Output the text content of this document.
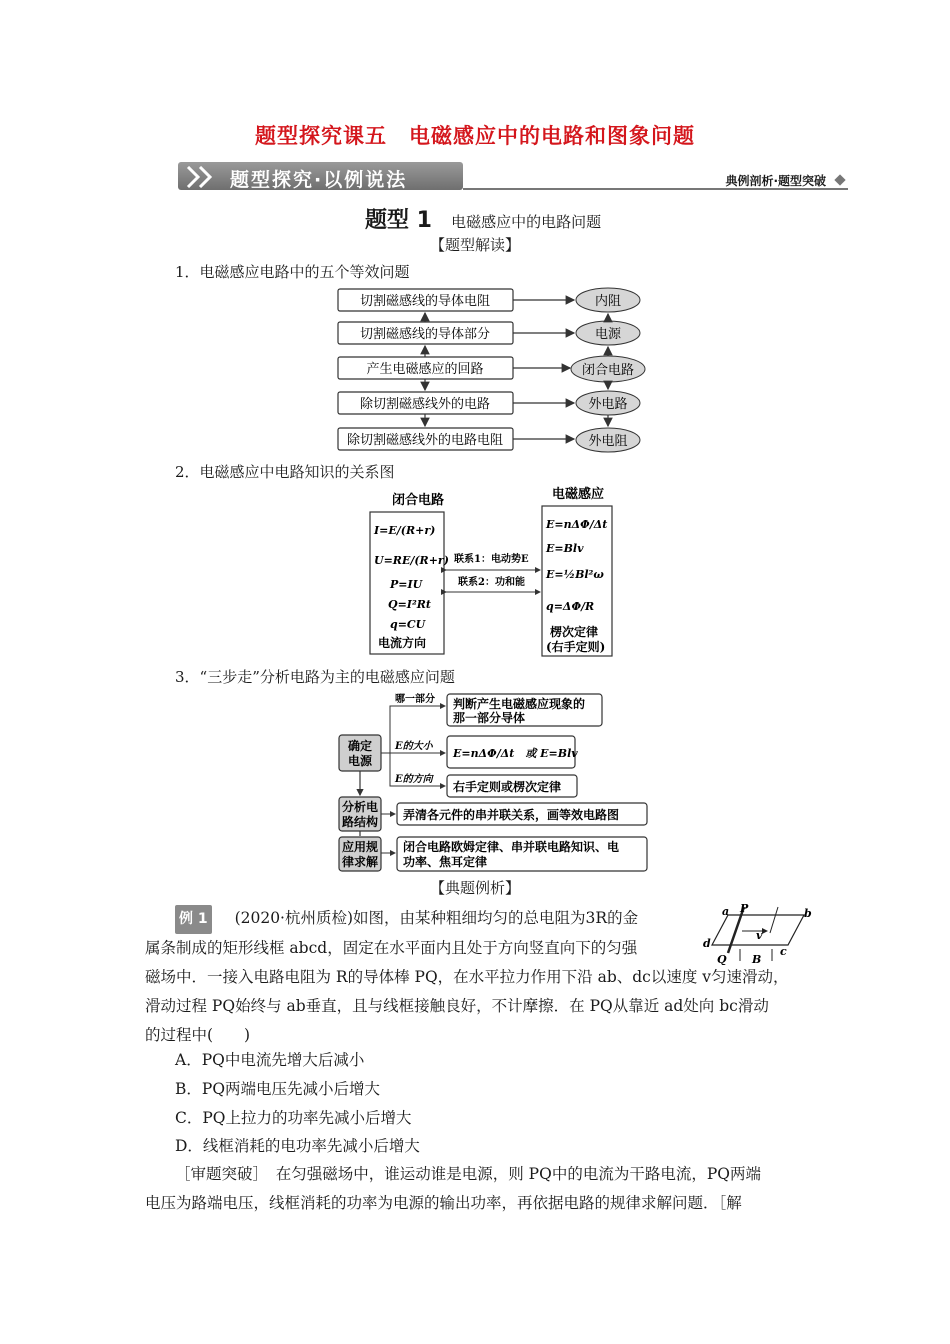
题型探究课五　电磁感应中的电路和图象问题
题型探究·以例说法	典例剖析·题型突破
题型 1 电磁感应中的电路问题
【题型解读】
1．电磁感应电路中的五个等效问题
切割磁感线的导体电阻	内阻
切割磁感线的导体部分	电源
产生电磁感应的回路	闭合电路
除切割磁感线外的电路	外电路
除切割磁感线外的电路电阻	外电阻
2．电磁感应中电路知识的关系图
闭合电路	电磁感应
I=E/(R+r)
U=RE/(R+r)
P=IU
Q=I²Rt
q=CU
电流方向
E=nΔΦ/Δt
E=Blv
E=½Bl²ω
q=ΔΦ/R
楞次定律
(右手定则)
联系1：电动势E
联系2：功和能
3．“三步走”分析电路为主的电磁感应问题
确定
电源
分析电
路结构
应用规
律求解
哪一部分
E的大小
E的方向
判断产生电磁感应现象的
那一部分导体
E=nΔΦ/Δt　或 E=Blv
右手定则或楞次定律
弄清各元件的串并联关系，画等效电路图
闭合电路欧姆定律、串并联电路知识、电
功率、焦耳定律
【典题例析】
例 1 (2020·杭州质检)如图，由某种粗细均匀的总电阻为3R的金
属条制成的矩形线框 abcd，固定在水平面内且处于方向竖直向下的匀强
磁场中．一接入电路电阻为 R的导体棒 PQ，在水平拉力作用下沿 ab、dc以速度 v匀速滑动，
滑动过程 PQ始终与 ab垂直，且与线框接触良好，不计摩擦．在 PQ从靠近 ad处向 bc滑动
的过程中(　　)
a	b
c
d
P
Q
v
B
A．PQ中电流先增大后减小
B．PQ两端电压先减小后增大
C．PQ上拉力的功率先减小后增大
D．线框消耗的电功率先减小后增大
［审题突破］　在匀强磁场中，谁运动谁是电源，则 PQ中的电流为干路电流，PQ两端
电压为路端电压，线框消耗的功率为电源的输出功率，再依据电路的规律求解问题．［解
